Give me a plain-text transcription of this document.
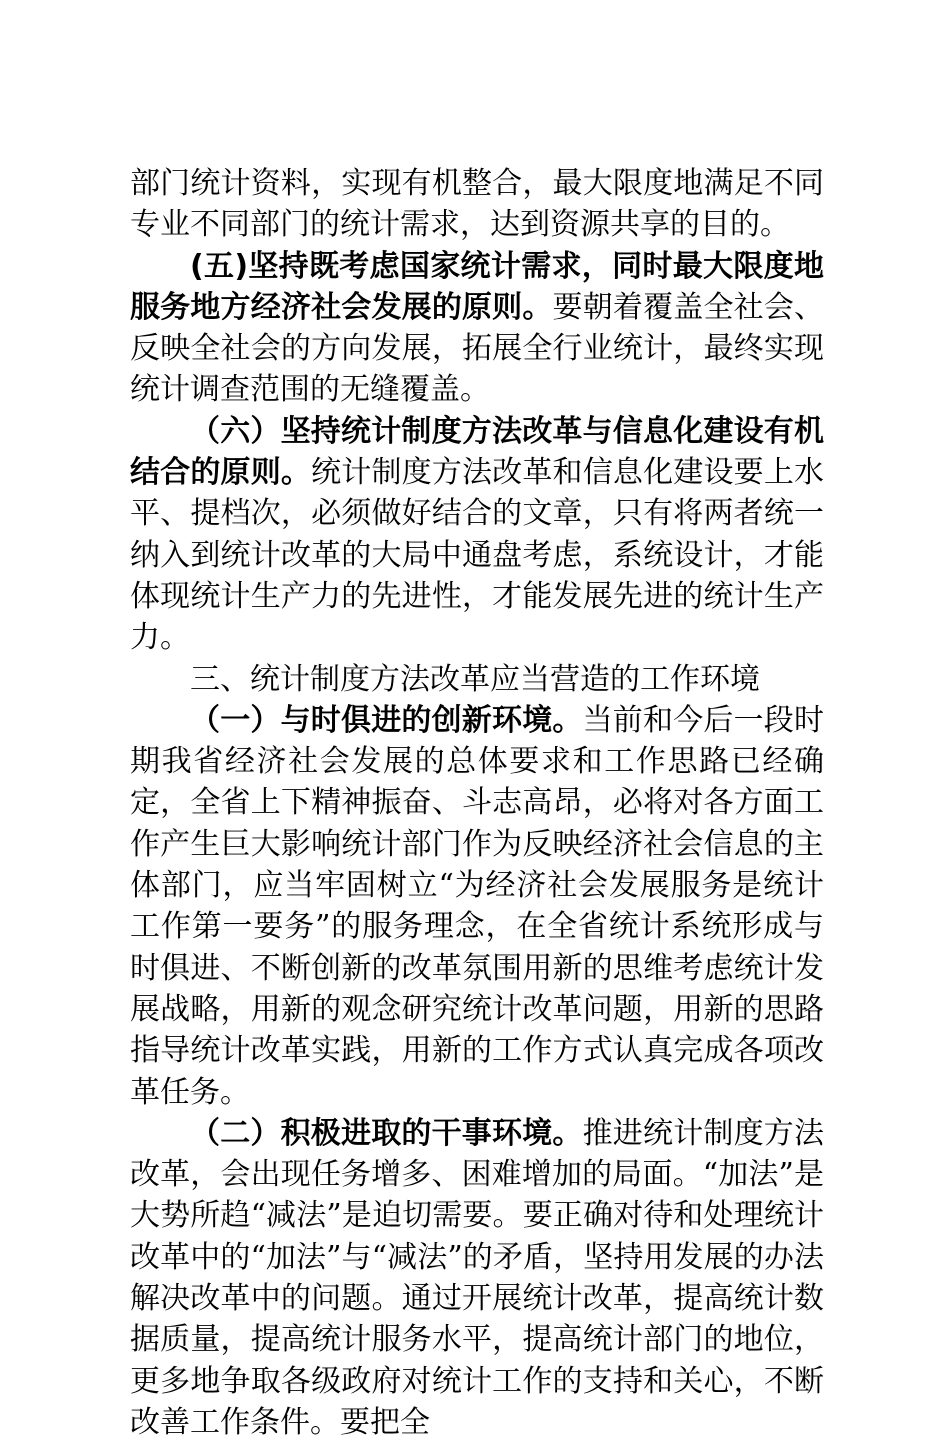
部门统计资料，实现有机整合，最大限度地满足不同专业不同部门的统计需求，达到资源共享的目的。

(五)坚持既考虑国家统计需求，同时最大限度地服务地方经济社会发展的原则。要朝着覆盖全社会、反映全社会的方向发展，拓展全行业统计，最终实现统计调查范围的无缝覆盖。

（六）坚持统计制度方法改革与信息化建设有机结合的原则。统计制度方法改革和信息化建设要上水平、提档次，必须做好结合的文章，只有将两者统一纳入到统计改革的大局中通盘考虑，系统设计，才能体现统计生产力的先进性，才能发展先进的统计生产力。

三、统计制度方法改革应当营造的工作环境

（一）与时俱进的创新环境。当前和今后一段时期我省经济社会发展的总体要求和工作思路已经确定，全省上下精神振奋、斗志高昂，必将对各方面工作产生巨大影响统计部门作为反映经济社会信息的主体部门，应当牢固树立“为经济社会发展服务是统计工作第一要务”的服务理念，在全省统计系统形成与时俱进、不断创新的改革氛围用新的思维考虑统计发展战略，用新的观念研究统计改革问题，用新的思路指导统计改革实践，用新的工作方式认真完成各项改革任务。

（二）积极进取的干事环境。推进统计制度方法改革，会出现任务增多、困难增加的局面。“加法”是大势所趋“减法”是迫切需要。要正确对待和处理统计改革中的“加法”与“减法”的矛盾，坚持用发展的办法解决改革中的问题。通过开展统计改革，提高统计数据质量，提高统计服务水平，提高统计部门的地位，更多地争取各级政府对统计工作的支持和关心，不断改善工作条件。要把全
